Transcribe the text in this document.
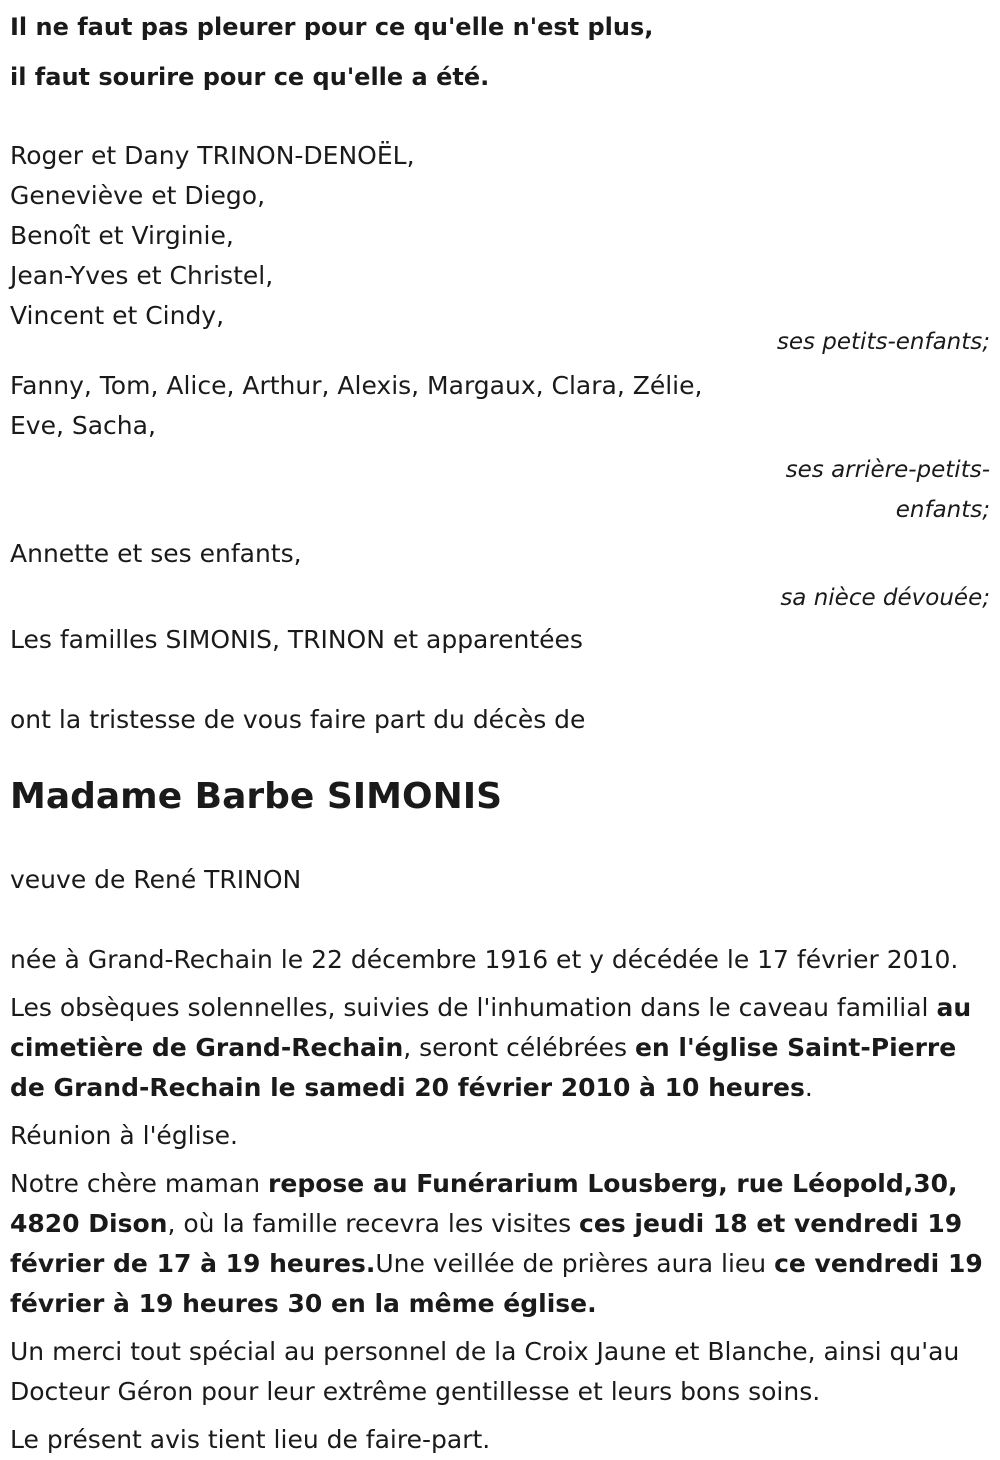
Il ne faut pas pleurer pour ce qu'elle n'est plus,
il faut sourire pour ce qu'elle a été.
Roger et Dany TRINON-DENOËL,
Geneviève et Diego,
Benoît et Virginie,
Jean-Yves et Christel,
Vincent et Cindy,
ses petits-enfants;
Fanny, Tom, Alice, Arthur, Alexis, Margaux, Clara, Zélie,
Eve, Sacha,
ses arrière-petits-
enfants;
Annette et ses enfants,
sa nièce dévouée;
Les familles SIMONIS, TRINON et apparentées
ont la tristesse de vous faire part du décès de
Madame Barbe SIMONIS
veuve de René TRINON
née à Grand-Rechain le 22 décembre 1916 et y décédée le 17 février 2010.
Les obsèques solennelles, suivies de l'inhumation dans le caveau familial au cimetière de Grand-Rechain, seront célébrées en l'église Saint-Pierre de Grand-Rechain le samedi 20 février 2010 à 10 heures.
Réunion à l'église.
Notre chère maman repose au Funérarium Lousberg, rue Léopold,30, 4820 Dison, où la famille recevra les visites ces jeudi 18 et vendredi 19 février de 17 à 19 heures.Une veillée de prières aura lieu ce vendredi 19 février à 19 heures 30 en la même église.
Un merci tout spécial au personnel de la Croix Jaune et Blanche, ainsi qu'au Docteur Géron pour leur extrême gentillesse et leurs bons soins.
Le présent avis tient lieu de faire-part.
